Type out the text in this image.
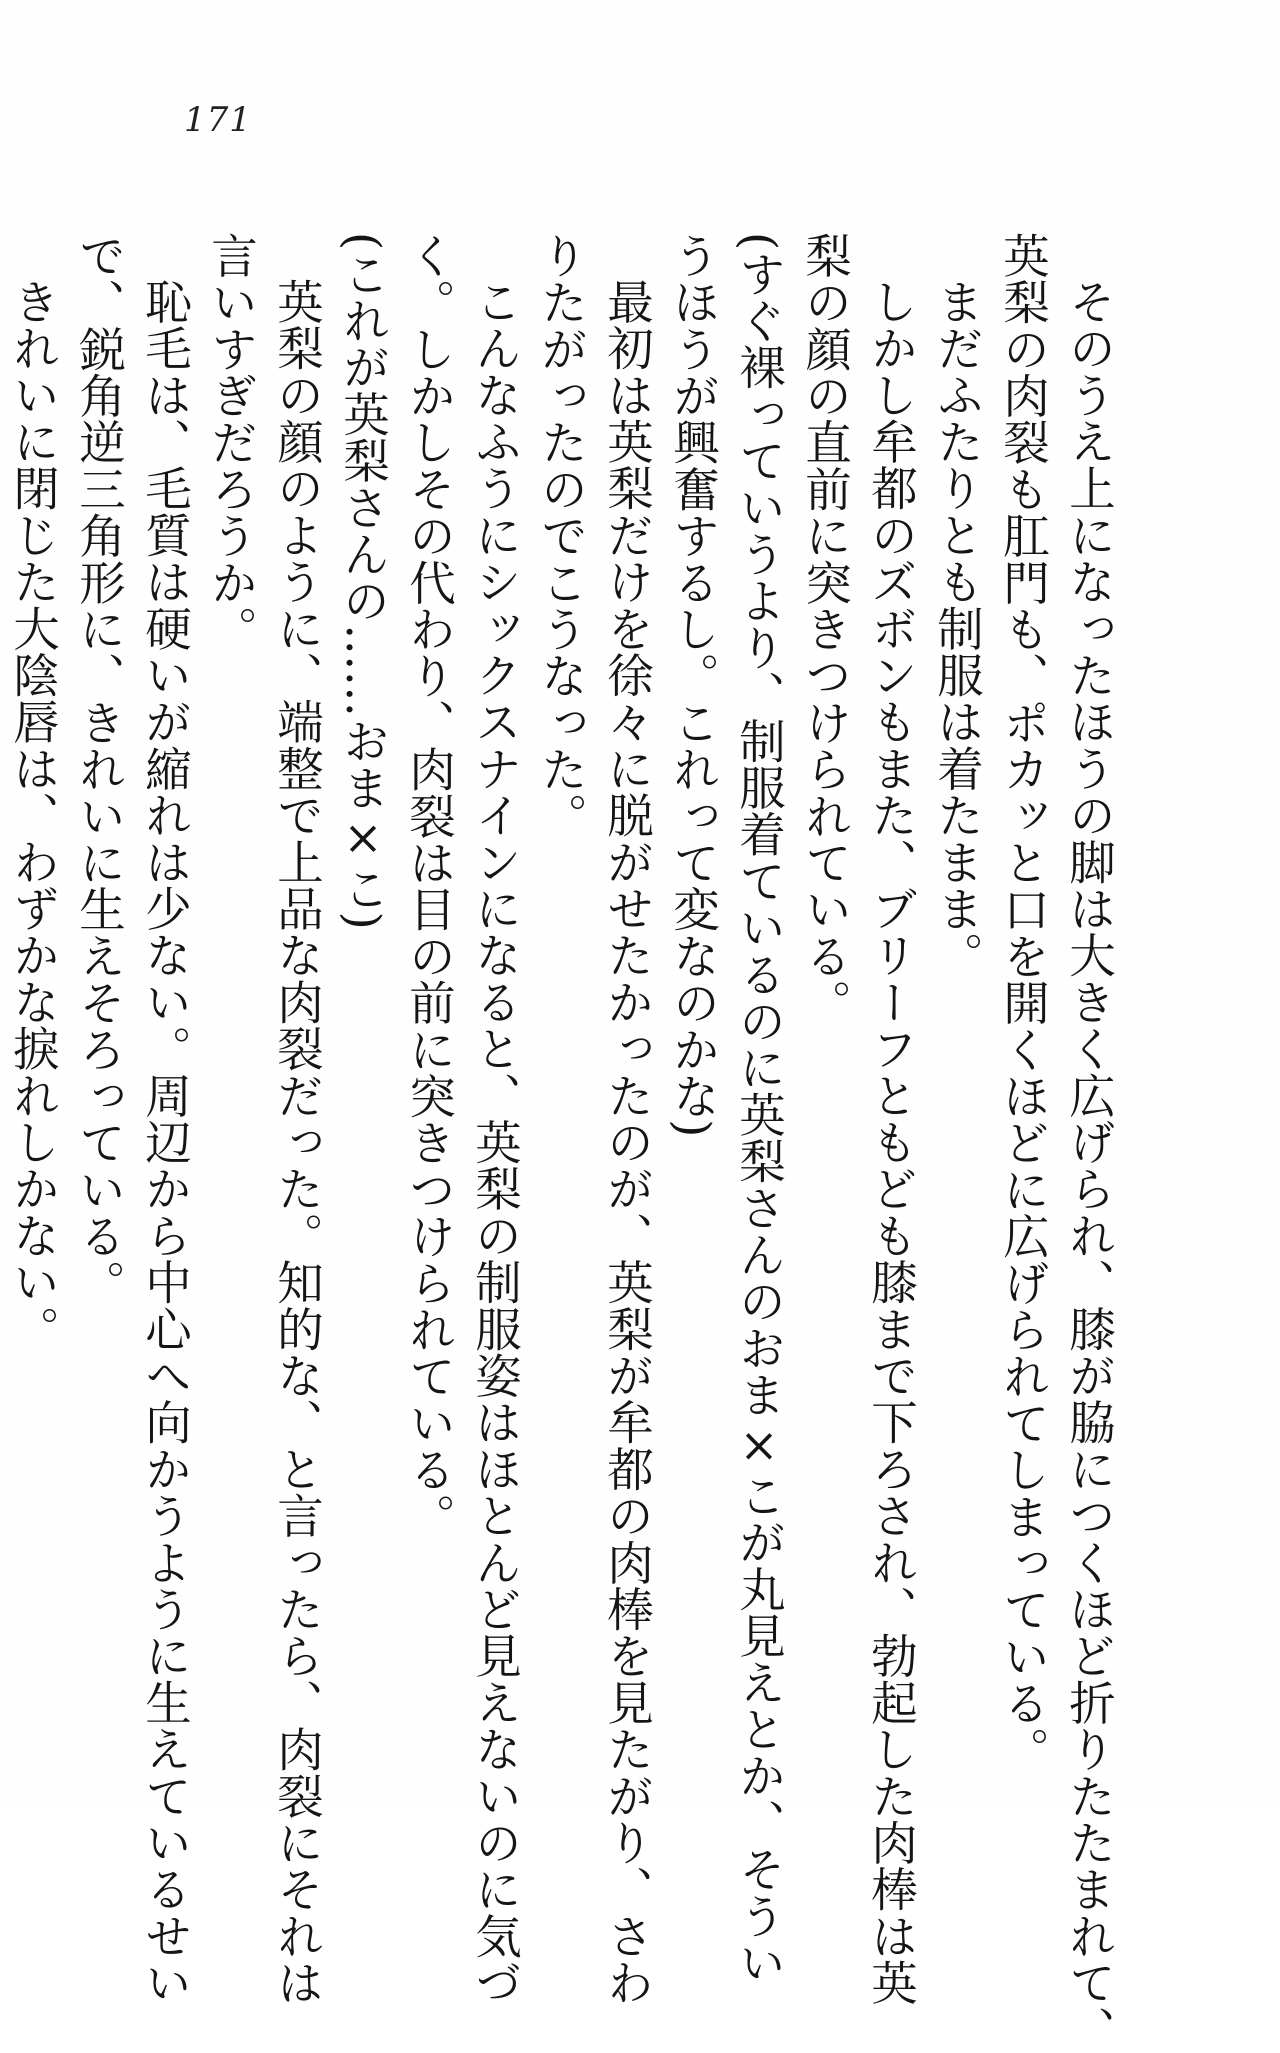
171
そのうえ上になったほうの脚は大きく広げられ、膝が脇につくほど折りたたまれて、
英梨の肉裂も肛門も、ポカッと口を開くほどに広げられてしまっている。
まだふたりとも制服は着たまま。
しかし牟都のズボンもまた、ブリーフともども膝まで下ろされ、勃起した肉棒は英
梨の顔の直前に突きつけられている。
(すぐ裸っていうより、制服着ているのに英梨さんのおま×こが丸見えとか、そうい
うほうが興奮するし。これって変なのかな)
最初は英梨だけを徐々に脱がせたかったのが、英梨が牟都の肉棒を見たがり、さわ
りたがったのでこうなった。
こんなふうにシックスナインになると、英梨の制服姿はほとんど見えないのに気づ
く。しかしその代わり、肉裂は目の前に突きつけられている。
(これが英梨さんの……おま×こ)
英梨の顔のように、端整で上品な肉裂だった。知的な、と言ったら、肉裂にそれは
言いすぎだろうか。
恥毛は、毛質は硬いが縮れは少ない。周辺から中心へ向かうように生えているせい
で、鋭角逆三角形に、きれいに生えそろっている。
きれいに閉じた大陰唇は、わずかな捩れしかない。
